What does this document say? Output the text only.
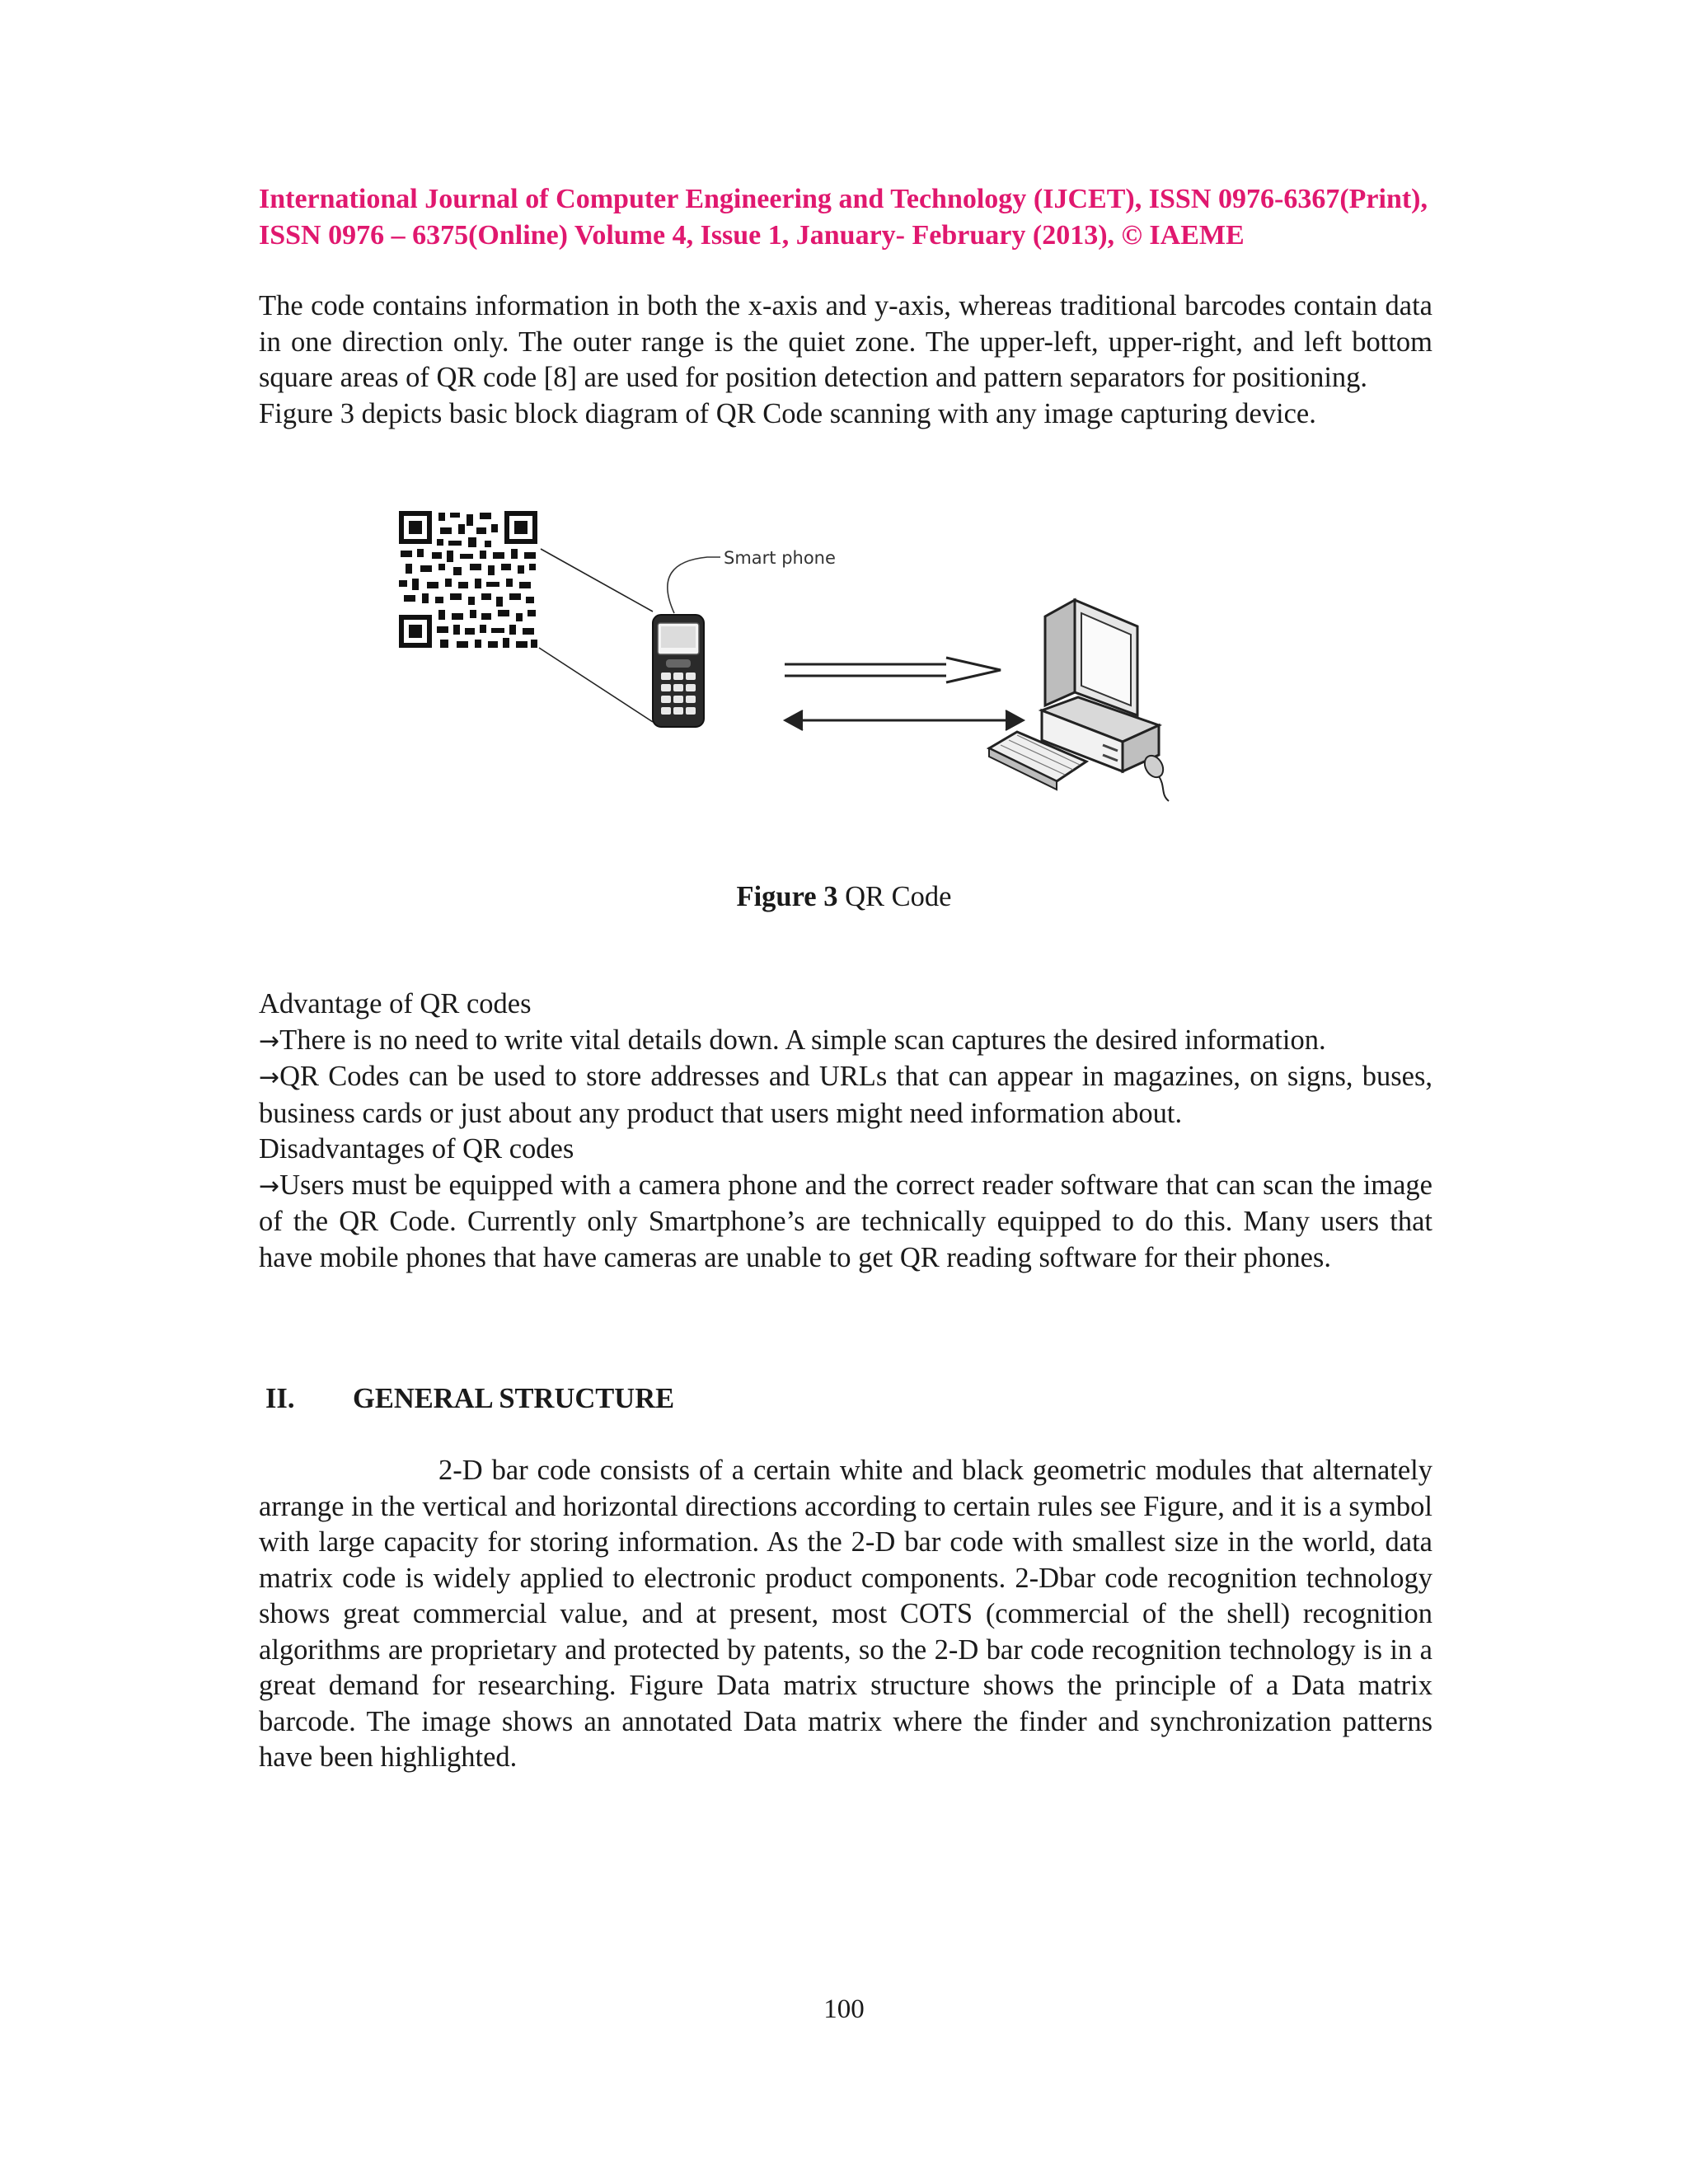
International Journal of Computer Engineering and Technology (IJCET), ISSN 0976-6367(Print), ISSN 0976 – 6375(Online) Volume 4, Issue 1, January- February (2013), © IAEME

The code contains information in both the x-axis and y-axis, whereas traditional barcodes contain data in one direction only. The outer range is the quiet zone. The upper-left, upper-right, and left bottom square areas of QR code [8] are used for position detection and pattern separators for positioning.

Figure 3 depicts basic block diagram of QR Code scanning with any image capturing device.

Smart phone
Figure 3 QR Code

Advantage of QR codes

→There is no need to write vital details down. A simple scan captures the desired information.

→QR Codes can be used to store addresses and URLs that can appear in magazines, on signs, buses, business cards or just about any product that users might need information about.

Disadvantages of QR codes

→Users must be equipped with a camera phone and the correct reader software that can scan the image of the QR Code. Currently only Smartphone’s are technically equipped to do this. Many users that have mobile phones that have cameras are unable to get QR reading software for their phones.

II. GENERAL STRUCTURE

2-D bar code consists of a certain white and black geometric modules that alternately arrange in the vertical and horizontal directions according to certain rules see Figure, and it is a symbol with large capacity for storing information. As the 2-D bar code with smallest size in the world, data matrix code is widely applied to electronic product components. 2-Dbar code recognition technology shows great commercial value, and at present, most COTS (commercial of the shell) recognition algorithms are proprietary and protected by patents, so the 2-D bar code recognition technology is in a great demand for researching. Figure Data matrix structure shows the principle of a Data matrix barcode. The image shows an annotated Data matrix where the finder and synchronization patterns have been highlighted.

100
